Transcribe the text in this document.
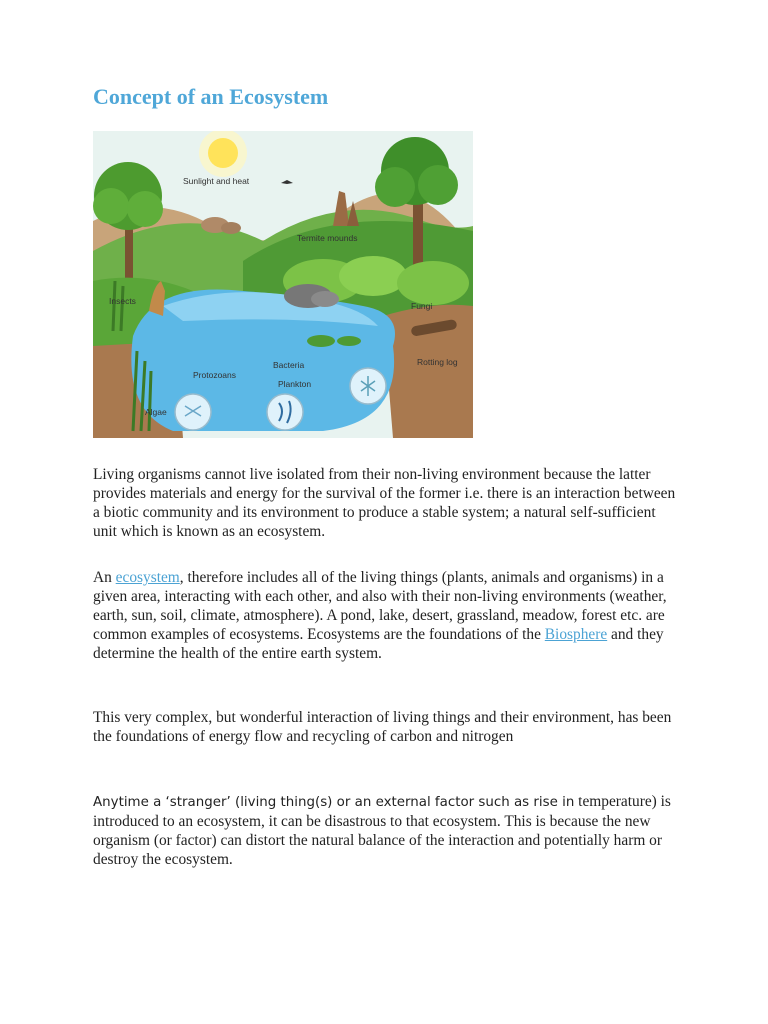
Concept of an Ecosystem
Sunlight and heat
Termite mounds
Insects	Fungi
Bacteria
Protozoans
Plankton
Rotting log
Algae

Living organisms cannot live isolated from their non-living environment because the latter provides materials and energy for the survival of the former i.e. there is an interaction between a biotic community and its environment to produce a stable system; a natural self-sufficient unit which is known as an ecosystem.

An ecosystem, therefore includes all of the living things (plants, animals and organisms) in a given area, interacting with each other, and also with their non-living environments (weather, earth, sun, soil, climate, atmosphere). A pond, lake, desert, grassland, meadow, forest etc. are common examples of ecosystems. Ecosystems are the foundations of the Biosphere and they determine the health of the entire earth system.

This very complex, but wonderful interaction of living things and their environment, has been the foundations of energy flow and recycling of carbon and nitrogen

Anytime a ‘stranger’ (living thing(s) or an external factor such as rise in temperature) is introduced to an ecosystem, it can be disastrous to that ecosystem. This is because the new organism (or factor) can distort the natural balance of the interaction and potentially harm or destroy the ecosystem.
